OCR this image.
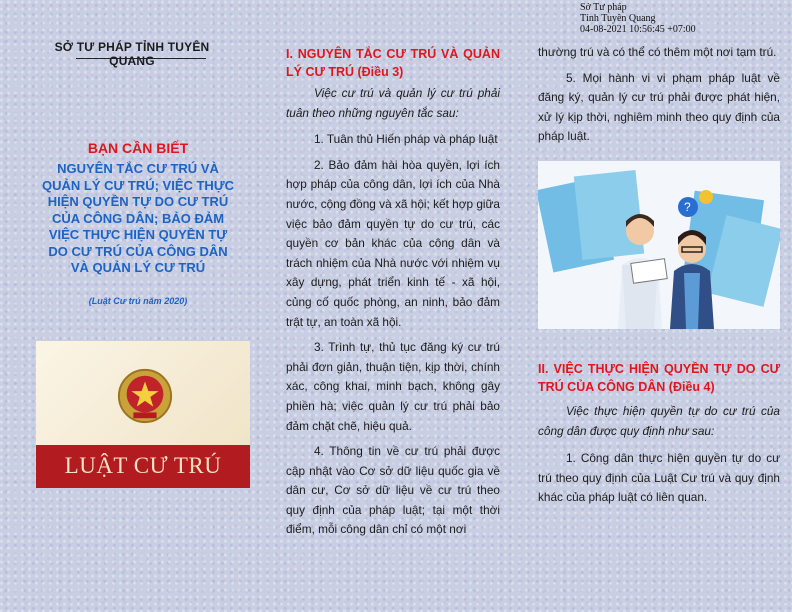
Sở Tư pháp
Tỉnh Tuyên Quang
04-08-2021 10:56:45 +07:00
SỞ TƯ PHÁP TỈNH TUYÊN QUANG
BẠN CẦN BIẾT
NGUYÊN TẮC CƯ TRÚ VÀ
QUẢN LÝ CƯ TRÚ; VIỆC THỰC
HIỆN QUYỀN TỰ DO CƯ TRÚ
CỦA CÔNG DÂN; BẢO ĐẢM
VIỆC THỰC HIỆN QUYỀN TỰ
DO CƯ TRÚ CỦA CÔNG DÂN
VÀ QUẢN LÝ CƯ TRÚ
(Luật Cư trú năm 2020)
LUẬT CƯ TRÚ

I. NGUYÊN TẮC CƯ TRÚ VÀ QUẢN LÝ CƯ TRÚ (Điều 3)

Việc cư trú và quản lý cư trú phải tuân theo những nguyên tắc sau:

1. Tuân thủ Hiến pháp và pháp luật

2. Bảo đảm hài hòa quyền, lợi ích hợp pháp của công dân, lợi ích của Nhà nước, cộng đồng và xã hội; kết hợp giữa việc bảo đảm quyền tự do cư trú, các quyền cơ bản khác của công dân và trách nhiệm của Nhà nước với nhiệm vụ xây dựng, phát triển kinh tế - xã hội, củng cố quốc phòng, an ninh, bảo đảm trật tự, an toàn xã hội.

3. Trình tự, thủ tục đăng ký cư trú phải đơn giản, thuận tiện, kịp thời, chính xác, công khai, minh bạch, không gây phiền hà; việc quản lý cư trú phải bảo đảm chặt chẽ, hiệu quả.

4. Thông tin về cư trú phải được cập nhật vào Cơ sở dữ liệu quốc gia về dân cư, Cơ sở dữ liệu về cư trú theo quy định của pháp luật; tại một thời điểm, mỗi công dân chỉ có một nơi

thường trú và có thể có thêm một nơi tạm trú.

5. Mọi hành vi vi phạm pháp luật về đăng ký, quản lý cư trú phải được phát hiện, xử lý kịp thời, nghiêm minh theo quy định của pháp luật.

?

II. VIỆC THỰC HIỆN QUYỀN TỰ DO CƯ TRÚ CỦA CÔNG DÂN (Điều 4)

Việc thực hiện quyền tự do cư trú của công dân được quy định như sau:

1. Công dân thực hiện quyền tự do cư trú theo quy định của Luật Cư trú và quy định khác của pháp luật có liên quan.
